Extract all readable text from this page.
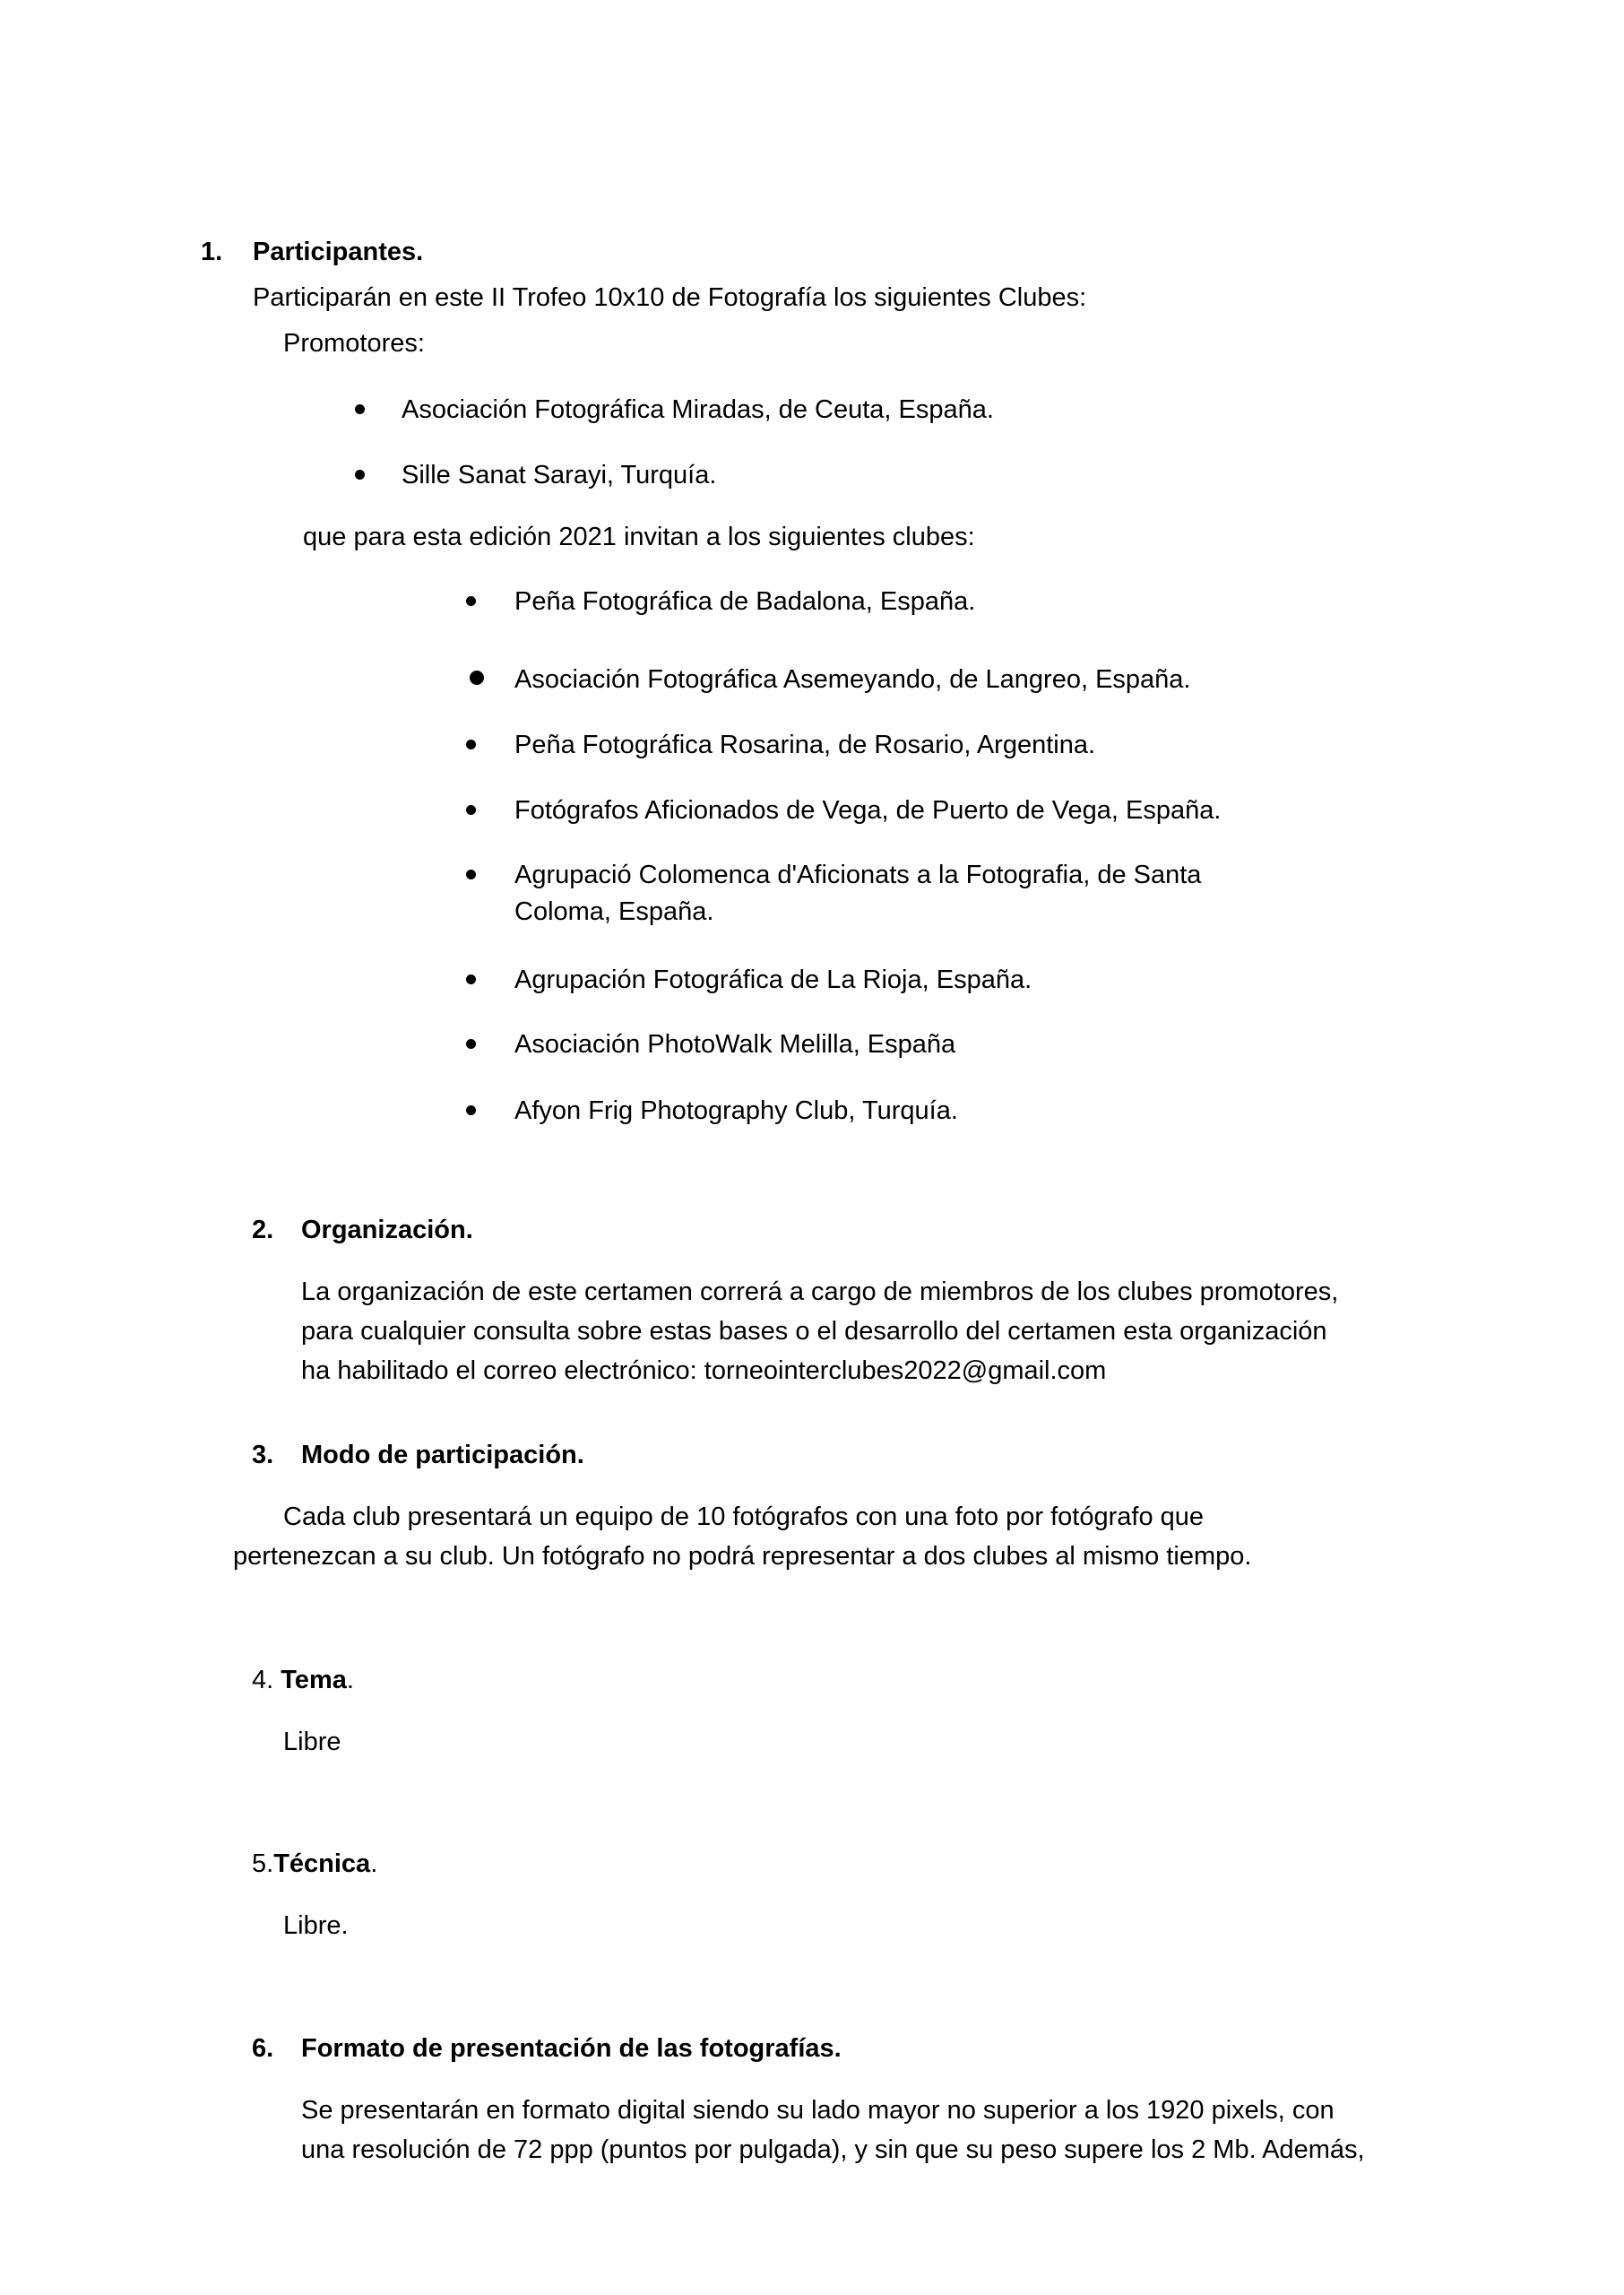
1. Participantes.
Participarán en este II Trofeo 10x10 de Fotografía los siguientes Clubes:
Promotores:
Asociación Fotográfica Miradas, de Ceuta, España.
Sille Sanat Sarayi, Turquía.
que para esta edición 2021 invitan a los siguientes clubes:
Peña Fotográfica de Badalona, España.
Asociación Fotográfica Asemeyando, de Langreo, España.
Peña Fotográfica Rosarina, de Rosario, Argentina.
Fotógrafos Aficionados de Vega, de Puerto de Vega, España.
Agrupació Colomenca d'Aficionats a la Fotografia, de Santa
Coloma, España.
Agrupación Fotográfica de La Rioja, España.
Asociación PhotoWalk Melilla, España
Afyon Frig Photography Club, Turquía.
2. Organización.
La organización de este certamen correrá a cargo de miembros de los clubes promotores,
para cualquier consulta sobre estas bases o el desarrollo del certamen esta organización
ha habilitado el correo electrónico: torneointerclubes2022@gmail.com
3. Modo de participación.
Cada club presentará un equipo de 10 fotógrafos con una foto por fotógrafo que
pertenezcan a su club. Un fotógrafo no podrá representar a dos clubes al mismo tiempo.
4. Tema.
Libre
5.Técnica.
Libre.
6. Formato de presentación de las fotografías.
Se presentarán en formato digital siendo su lado mayor no superior a los 1920 pixels, con
una resolución de 72 ppp (puntos por pulgada), y sin que su peso supere los 2 Mb. Además,
